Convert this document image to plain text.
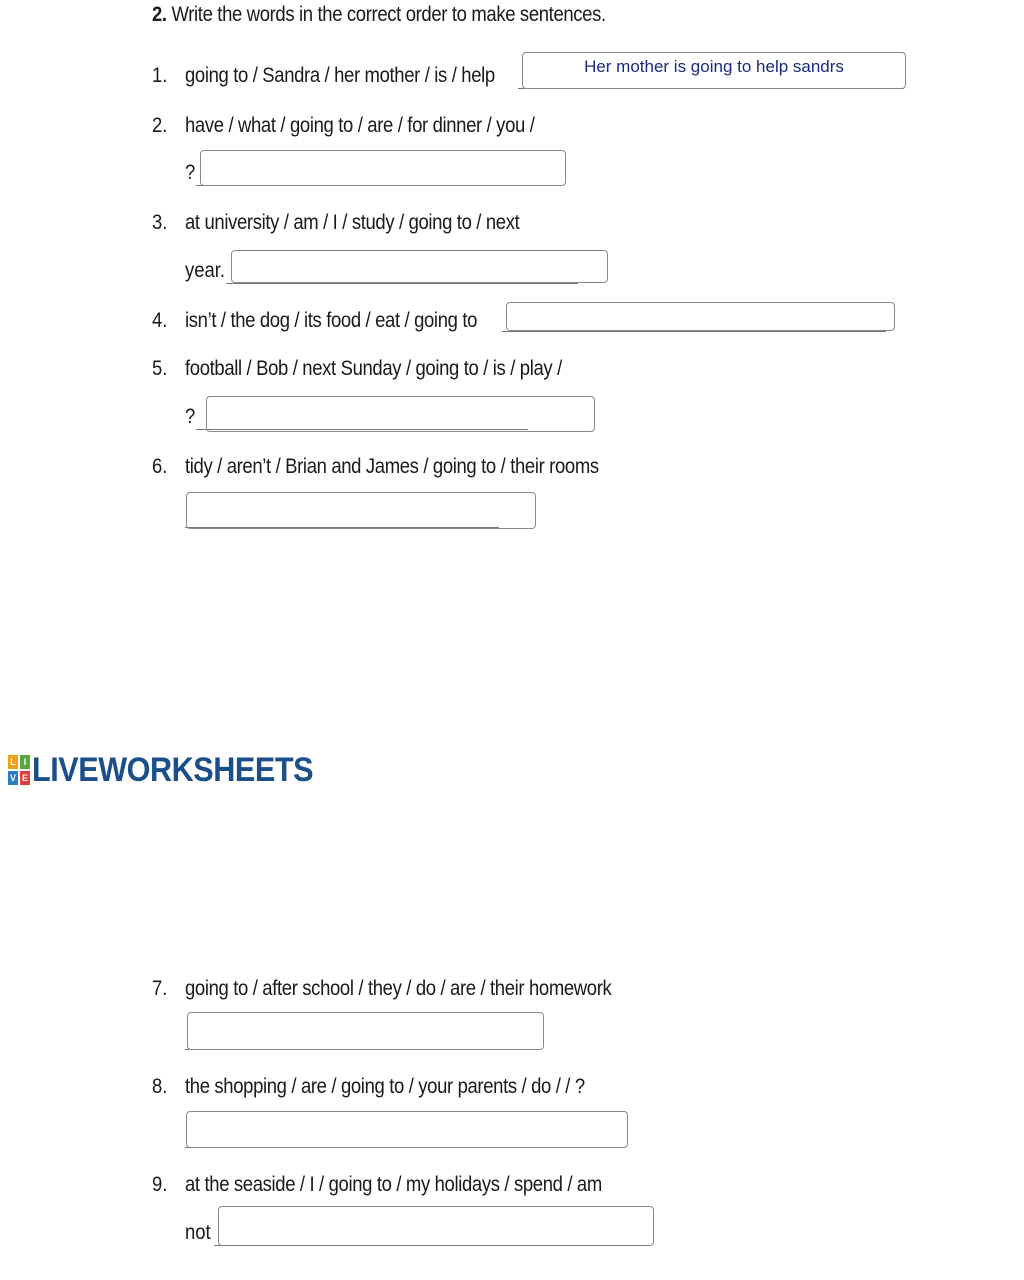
2. Write the words in the correct order to make sentences.
1. going to / Sandra / her mother / is / help
Her mother is going to help sandrs
2. have / what / going to / are / for dinner / you /
?
3. at university / am / I / study / going to / next
year.
4. isn’t / the dog / its food / eat / going to
5. football / Bob / next Sunday / going to / is / play /
?
6. tidy / aren’t / Brian and James / going to / their rooms
L I
V E LIVEWORKSHEETS
7. going to / after school / they / do / are / their homework
8. the shopping / are / going to / your parents / do / / ?
9. at the seaside / I / going to / my holidays / spend / am
not
